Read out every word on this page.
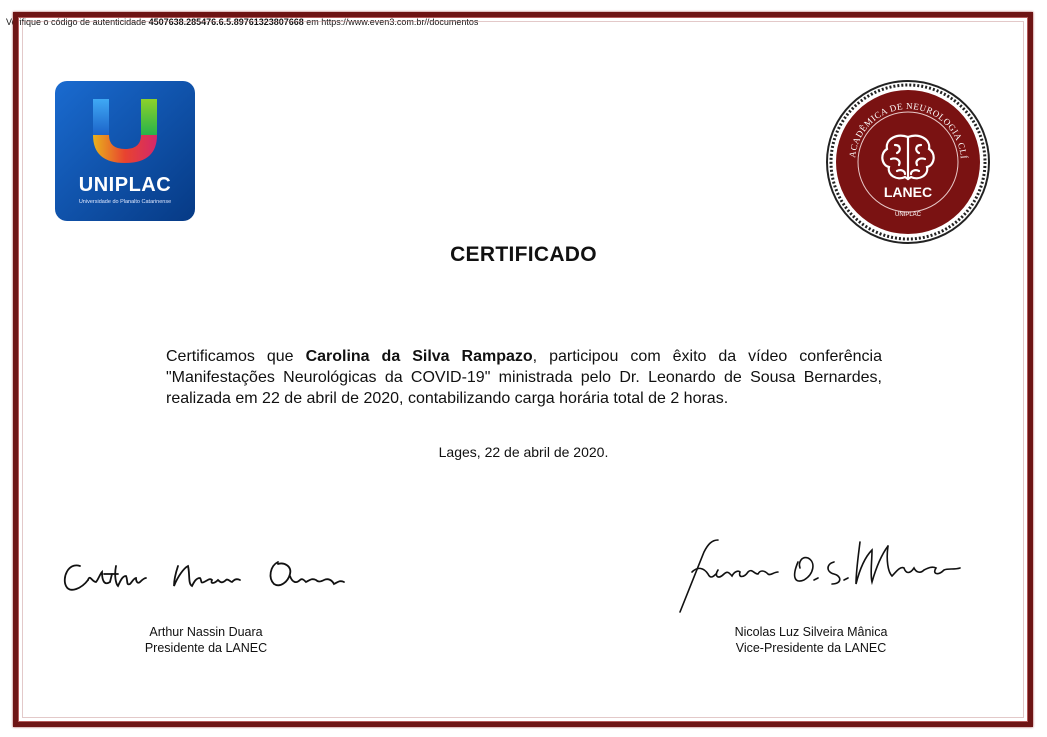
Verifique o código de autenticidade 4507638.285476.6.5.89761323807668 em https://www.even3.com.br//documentos
UNIPLAC
Universidade do Planalto Catarinense
ACADÊMICA DE NEUROLOGIA CLÍ
LANEC
UNIPLAC
CERTIFICADO
Certificamos que Carolina da Silva Rampazo, participou com êxito da vídeo conferência "Manifestações Neurológicas da COVID-19" ministrada pelo Dr. Leonardo de Sousa Bernardes, realizada em 22 de abril de 2020, contabilizando carga horária total de 2 horas.
Lages, 22 de abril de 2020.
Arthur Nassin Duara
Presidente da LANEC
Nicolas Luz Silveira Mânica
Vice-Presidente da LANEC
